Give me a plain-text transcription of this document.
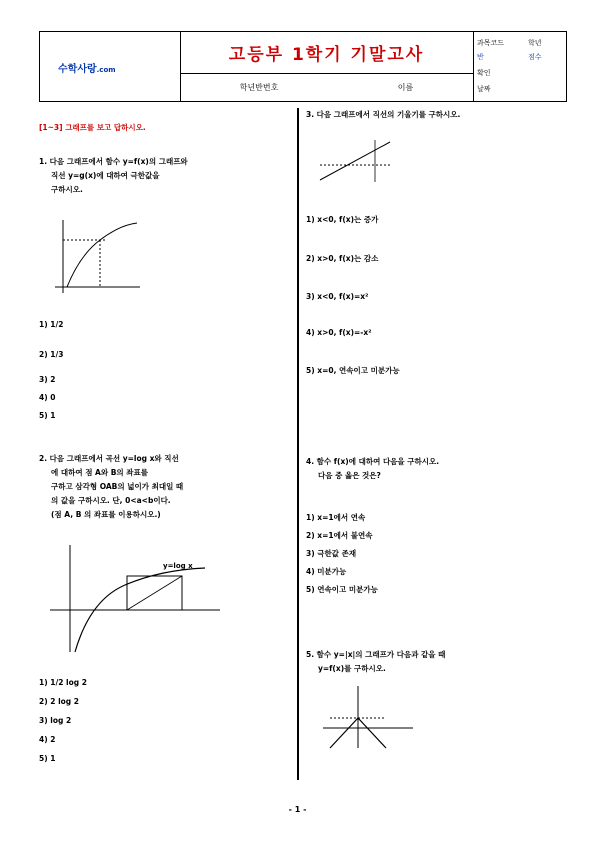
수학사랑.com
고등부 1학기 기말고사
학년반번호	이름
과목코드	학년
반	점수
확인
날짜
[1~3] 그래프를 보고 답하시오.
1. 다음 그래프에서 함수 y=f(x)의 그래프와
직선 y=g(x)에 대하여 극한값을
구하시오.
1) 1/2
2) 1/3
3) 2
4) 0
5) 1
2. 다음 그래프에서 곡선 y=log x와 직선
에 대하여 점 A와 B의 좌표를
구하고 삼각형 OAB의 넓이가 최대일 때
의 값을 구하시오. 단, 0<a<b이다.
(점 A, B 의 좌표를 이용하시오.)
y=log x
1) 1/2 log 2
2) 2 log 2
3) log 2
4) 2
5) 1
3. 다음 그래프에서 직선의 기울기를 구하시오.
1) x<0, f(x)는 증가
2) x>0, f(x)는 감소
3) x<0, f(x)=x²
4) x>0, f(x)=-x²
5) x=0, 연속이고 미분가능
4. 함수 f(x)에 대하여 다음을 구하시오.
다음 중 옳은 것은?
1) x=1에서 연속
2) x=1에서 불연속
3) 극한값 존재
4) 미분가능
5) 연속이고 미분가능
5. 함수 y=|x|의 그래프가 다음과 같을 때
y=f(x)를 구하시오.
- 1 -
